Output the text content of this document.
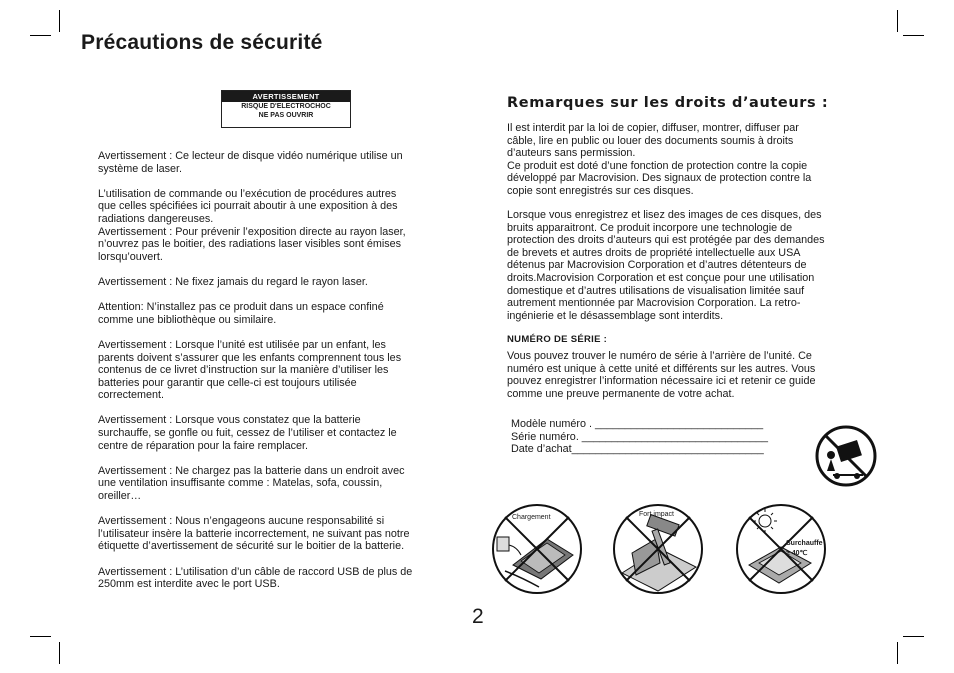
Précautions de sécurité
AVERTISSEMENT
RISQUE D'ELECTROCHOC
NE PAS OUVRIR

Avertissement : Ce lecteur de disque vidéo numérique utilise un
système de laser.

L’utilisation de commande ou l’exécution de procédures autres
que celles spécifiées ici pourrait aboutir à une exposition à des
radiations dangereuses.
Avertissement : Pour prévenir l’exposition directe au rayon laser,
n’ouvrez pas le boitier, des radiations laser visibles sont émises
lorsqu’ouvert.

Avertissement : Ne fixez jamais du regard le rayon laser.

Attention: N’installez pas ce produit dans un espace confiné
comme une bibliothèque ou similaire.

Avertissement : Lorsque l’unité est utilisée par un enfant, les
parents doivent s’assurer que les enfants comprennent tous les
contenus de ce livret d’instruction sur la manière d’utiliser les
batteries pour garantir que celle-ci est toujours utilisée
correctement.

Avertissement : Lorsque vous constatez que la batterie
surchauffe, se gonfle ou fuit, cessez de l’utiliser et contactez le
centre de réparation pour la faire remplacer.

Avertissement : Ne chargez pas la batterie dans un endroit avec
une ventilation insuffisante comme : Matelas, sofa, coussin,
oreiller…

Avertissement : Nous n’engageons aucune responsabilité si
l’utilisateur insère la batterie incorrectement, ne suivant pas notre
étiquette d’avertissement de sécurité sur le boitier de la batterie.

Avertissement : L’utilisation d’un câble de raccord USB de plus de
250mm est interdite avec le port USB.

Remarques sur les droits d’auteurs :

Il est interdit par la loi de copier, diffuser, montrer, diffuser par
câble, lire en public ou louer des documents soumis à droits
d’auteurs sans permission.
Ce produit est doté d’une fonction de protection contre la copie
développé par Macrovision. Des signaux de protection contre la
copie sont enregistrés sur ces disques.

Lorsque vous enregistrez et lisez des images de ces disques, des
bruits apparaitront. Ce produit incorpore une technologie de
protection des droits d’auteurs qui est protégée par des demandes
de brevets et autres droits de propriété intellectuelle aux USA
détenus par Macrovision Corporation et d’autres détenteurs de
droits.Macrovision Corporation et est conçue pour une utilisation
domestique et d’autres utilisations de visualisation limitée sauf
autrement mentionnée par Macrovision Corporation. La retro-
ingénierie et le désassemblage sont interdits.

NUMÉRO DE SÉRIE :

Vous pouvez trouver le numéro de série à l’arrière de l’unité. Ce
numéro est unique à cette unité et différents sur les autres. Vous
pouvez enregistrer l’information nécessaire ici et retenir ce guide
comme une preuve permanente de votre achat.

Modèle numéro . ____________________________
Série numéro. _______________________________
Date d’achat________________________________
Chargement	Fort impact
Surchauffe
≥ 40℃
2
